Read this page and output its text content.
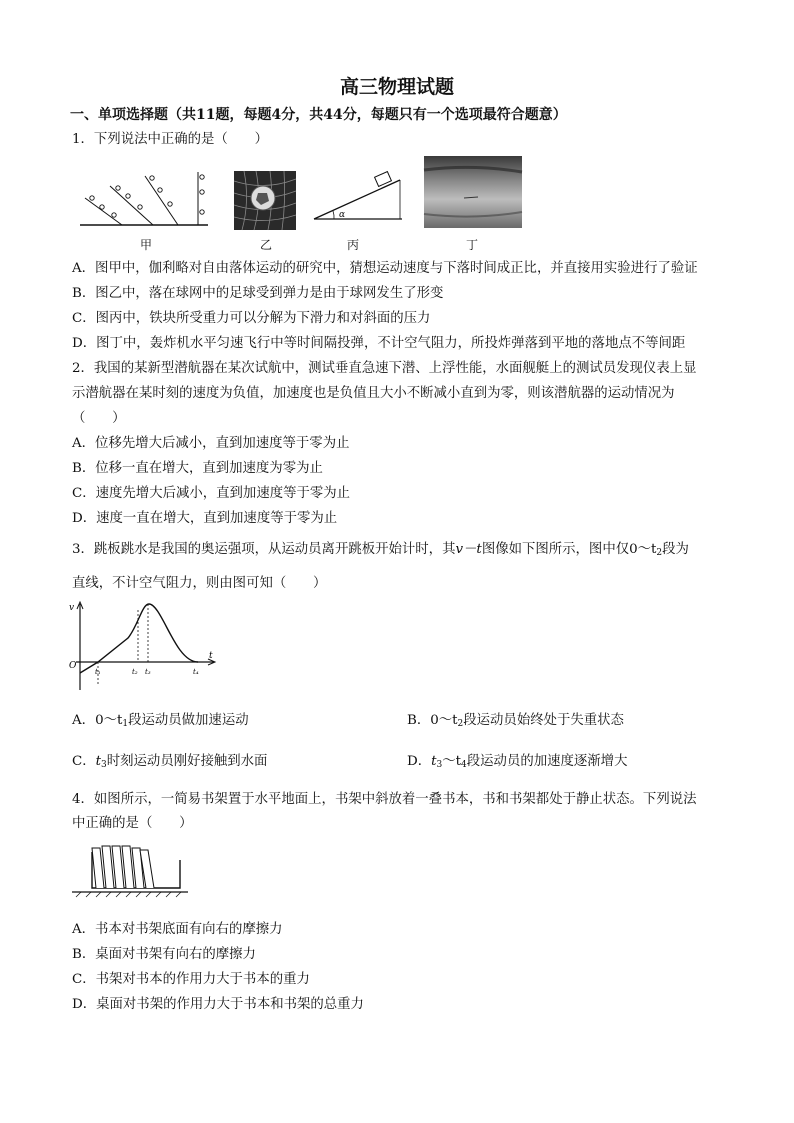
高三物理试题
一、单项选择题（共11题，每题4分，共44分，每题只有一个选项最符合题意）
1．下列说法中正确的是（　　）
甲	乙
α
丙	丁
A．图甲中，伽利略对自由落体运动的研究中，猜想运动速度与下落时间成正比，并直接用实验进行了验证
B．图乙中，落在球网中的足球受到弹力是由于球网发生了形变
C．图丙中，铁块所受重力可以分解为下滑力和对斜面的压力
D．图丁中，轰炸机水平匀速飞行中等时间隔投弹，不计空气阻力，所投炸弹落到平地的落地点不等间距
2．我国的某新型潜航器在某次试航中，测试垂直急速下潜、上浮性能，水面舰艇上的测试员发现仪表上显
示潜航器在某时刻的速度为负值，加速度也是负值且大小不断减小直到为零，则该潜航器的运动情况为
（　　）
A．位移先增大后减小，直到加速度等于零为止
B．位移一直在增大，直到加速度为零为止
C．速度先增大后减小，直到加速度等于零为止
D．速度一直在增大，直到加速度等于零为止
3．跳板跳水是我国的奥运强项，从运动员离开跳板开始计时，其v－t图像如下图所示，图中仅$0\sim t_2$段为
直线，不计空气阻力，则由图可知（　　）
v
t
O
t₁	t₂ t₃	t₄
A．$0\sim t_1$段运动员做加速运动	B．$0\sim t_2$段运动员始终处于失重状态
C．$t_3$时刻运动员刚好接触到水面	D．$t_3\sim t_4$段运动员的加速度逐渐增大
4．如图所示，一简易书架置于水平地面上，书架中斜放着一叠书本，书和书架都处于静止状态。下列说法
中正确的是（　　）
A．书本对书架底面有向右的摩擦力
B．桌面对书架有向右的摩擦力
C．书架对书本的作用力大于书本的重力
D．桌面对书架的作用力大于书本和书架的总重力
